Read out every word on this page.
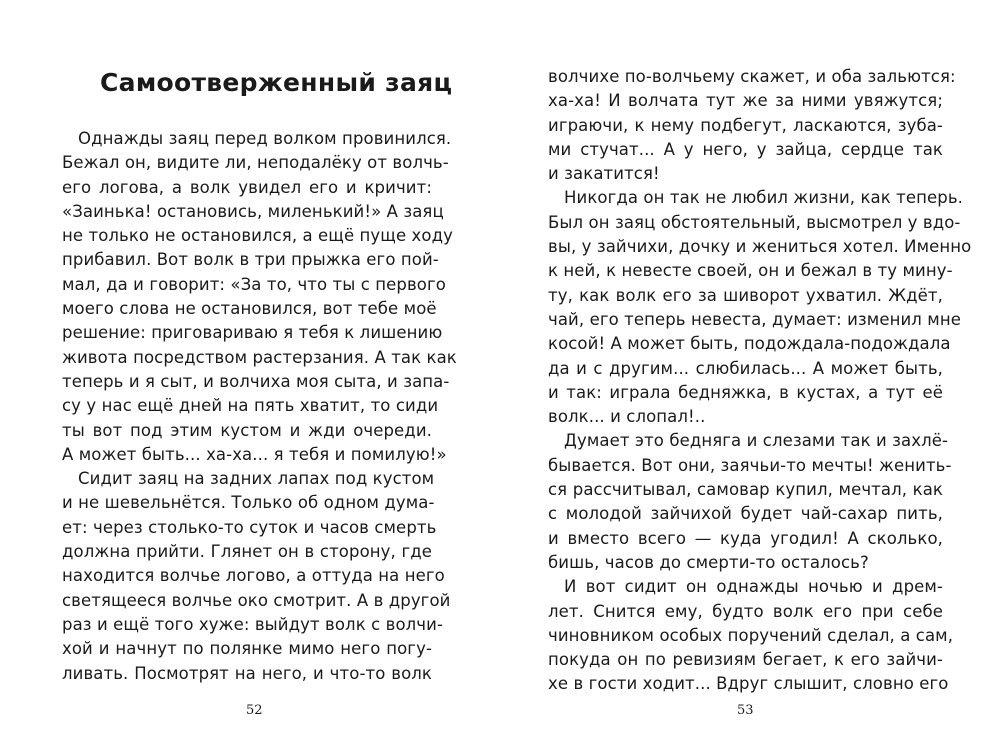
Самоотверженный заяц
Однажды заяц перед волком провинился.
Бежал он, видите ли, неподалёку от волчь-
его логова, а волк увидел его и кричит:
«Заинька! остановись, миленький!» А заяц
не только не остановился, а ещё пуще ходу
прибавил. Вот волк в три прыжка его пой-
мал, да и говорит: «За то, что ты с первого
моего слова не остановился, вот тебе моё
решение: приговариваю я тебя к лишению
живота посредством растерзания. А так как
теперь и я сыт, и волчиха моя сыта, и запа-
су у нас ещё дней на пять хватит, то сиди
ты вот под этим кустом и жди очереди.
А может быть... ха-ха... я тебя и помилую!»
Сидит заяц на задних лапах под кустом
и не шевельнётся. Только об одном дума-
ет: через столько-то суток и часов смерть
должна прийти. Глянет он в сторону, где
находится волчье логово, а оттуда на него
светящееся волчье око смотрит. А в другой
раз и ещё того хуже: выйдут волк с волчи-
хой и начнут по полянке мимо него погу-
ливать. Посмотрят на него, и что-то волк
52
волчихе по-волчьему скажет, и оба зальются:
ха-ха! И волчата тут же за ними увяжутся;
играючи, к нему подбегут, ласкаются, зуба-
ми стучат... А у него, у зайца, сердце так
и закатится!
Никогда он так не любил жизни, как теперь.
Был он заяц обстоятельный, высмотрел у вдо-
вы, у зайчихи, дочку и жениться хотел. Именно
к ней, к невесте своей, он и бежал в ту мину-
ту, как волк его за шиворот ухватил. Ждёт,
чай, его теперь невеста, думает: изменил мне
косой! А может быть, подождала-подождала
да и с другим... слюбилась... А может быть,
и так: играла бедняжка, в кустах, а тут её
волк... и слопал!..
Думает это бедняга и слезами так и захлё-
бывается. Вот они, заячьи-то мечты! женить-
ся рассчитывал, самовар купил, мечтал, как
с молодой зайчихой будет чай-сахар пить,
и вместо всего — куда угодил! А сколько,
бишь, часов до смерти-то осталось?
И вот сидит он однажды ночью и дрем-
лет. Снится ему, будто волк его при себе
чиновником особых поручений сделал, а сам,
покуда он по ревизиям бегает, к его зайчи-
хе в гости ходит... Вдруг слышит, словно его
53
